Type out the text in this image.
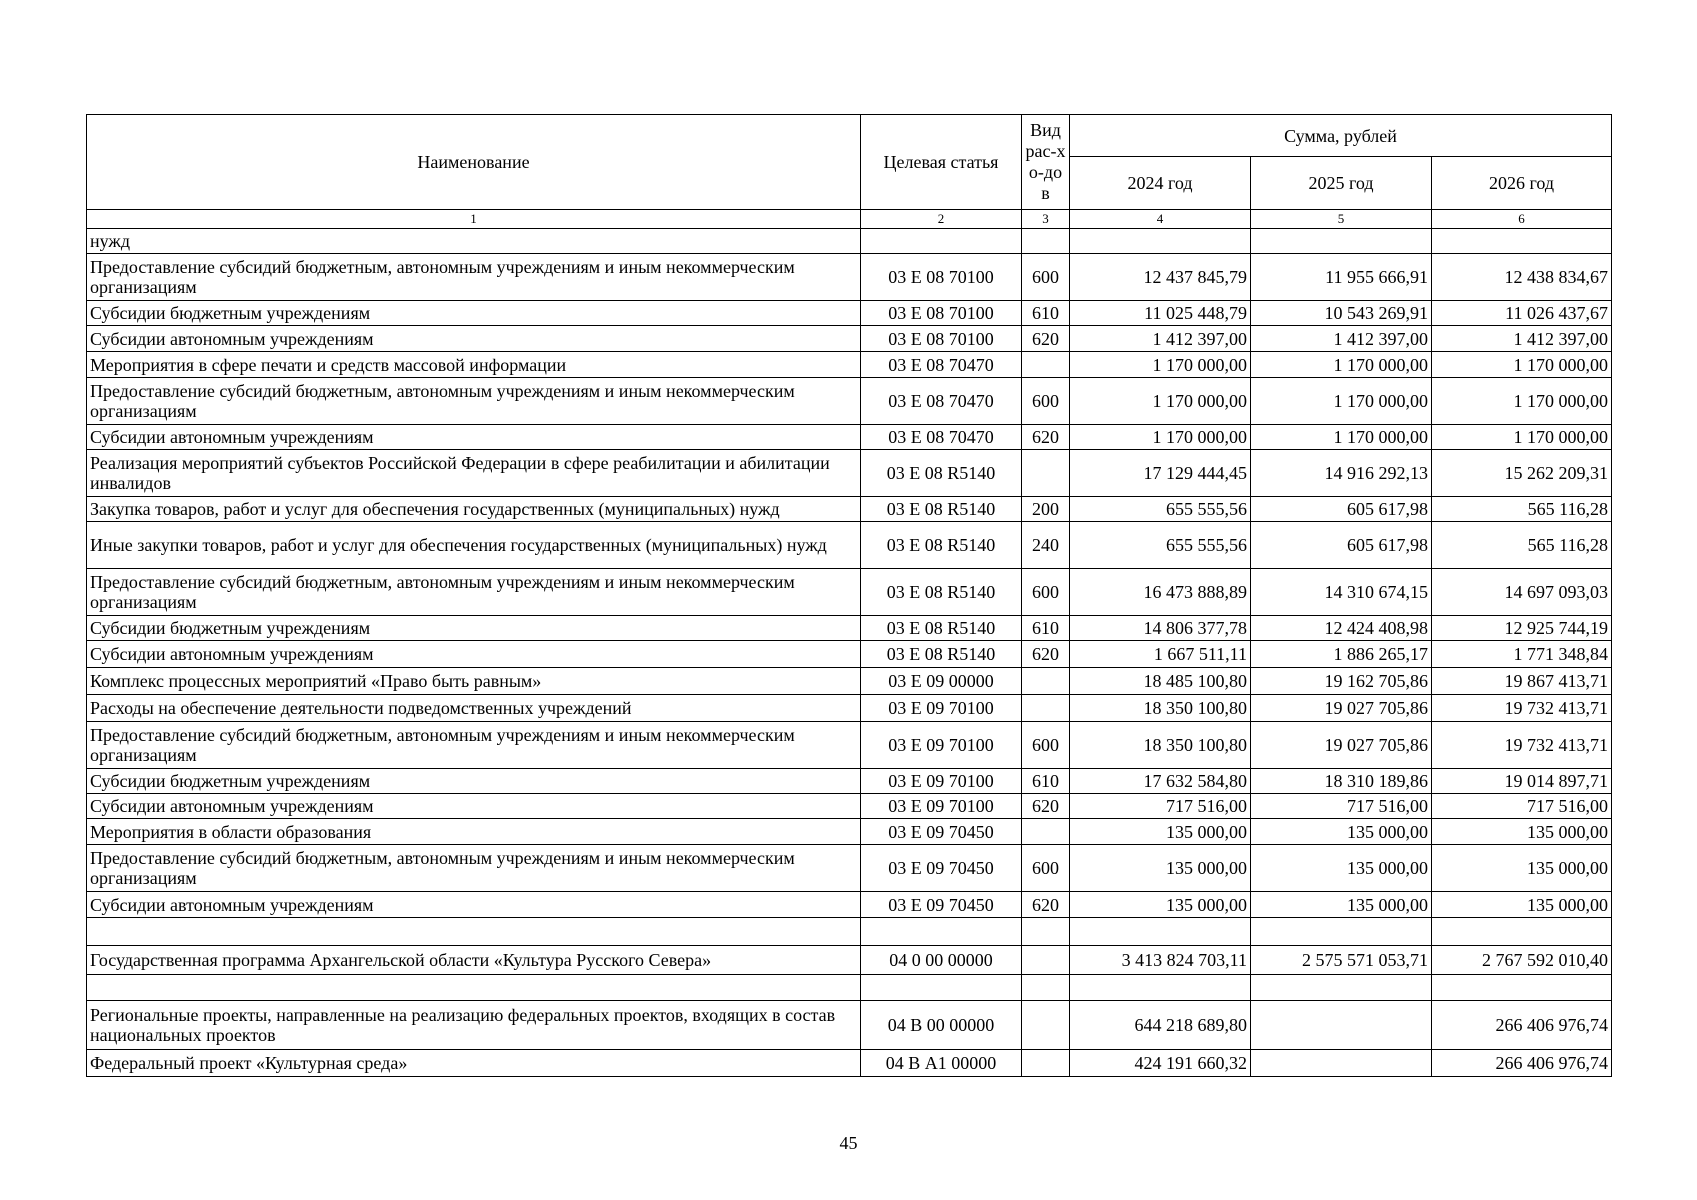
Наименование	Целевая статья	Вид рас-хо-дов	Сумма, рублей		
			2024 год	2025 год	2026 год
1	2	3	4	5	6
нужд					
Предоставление субсидий бюджетным, автономным учреждениям и иным некоммерческим организациям	03 Е 08 70100	600	12 437 845,79	11 955 666,91	12 438 834,67
Субсидии бюджетным учреждениям	03 Е 08 70100	610	11 025 448,79	10 543 269,91	11 026 437,67
Субсидии автономным учреждениям	03 Е 08 70100	620	1 412 397,00	1 412 397,00	1 412 397,00
Мероприятия в сфере печати и средств массовой информации	03 Е 08 70470		1 170 000,00	1 170 000,00	1 170 000,00
Предоставление субсидий бюджетным, автономным учреждениям и иным некоммерческим организациям	03 Е 08 70470	600	1 170 000,00	1 170 000,00	1 170 000,00
Субсидии автономным учреждениям	03 Е 08 70470	620	1 170 000,00	1 170 000,00	1 170 000,00
Реализация мероприятий субъектов Российской Федерации в сфере реабилитации и абилитации инвалидов	03 Е 08 R5140		17 129 444,45	14 916 292,13	15 262 209,31
Закупка товаров, работ и услуг для обеспечения государственных (муниципальных) нужд	03 Е 08 R5140	200	655 555,56	605 617,98	565 116,28
Иные закупки товаров, работ и услуг для обеспечения государственных (муниципальных) нужд	03 Е 08 R5140	240	655 555,56	605 617,98	565 116,28
Предоставление субсидий бюджетным, автономным учреждениям и иным некоммерческим организациям	03 Е 08 R5140	600	16 473 888,89	14 310 674,15	14 697 093,03
Субсидии бюджетным учреждениям	03 Е 08 R5140	610	14 806 377,78	12 424 408,98	12 925 744,19
Субсидии автономным учреждениям	03 Е 08 R5140	620	1 667 511,11	1 886 265,17	1 771 348,84
Комплекс процессных мероприятий «Право быть равным»	03 Е 09 00000		18 485 100,80	19 162 705,86	19 867 413,71
Расходы на обеспечение деятельности подведомственных учреждений	03 Е 09 70100		18 350 100,80	19 027 705,86	19 732 413,71
Предоставление субсидий бюджетным, автономным учреждениям и иным некоммерческим организациям	03 Е 09 70100	600	18 350 100,80	19 027 705,86	19 732 413,71
Субсидии бюджетным учреждениям	03 Е 09 70100	610	17 632 584,80	18 310 189,86	19 014 897,71
Субсидии автономным учреждениям	03 Е 09 70100	620	717 516,00	717 516,00	717 516,00
Мероприятия в области образования	03 Е 09 70450		135 000,00	135 000,00	135 000,00
Предоставление субсидий бюджетным, автономным учреждениям и иным некоммерческим организациям	03 Е 09 70450	600	135 000,00	135 000,00	135 000,00
Субсидии автономным учреждениям	03 Е 09 70450	620	135 000,00	135 000,00	135 000,00

Государственная программа Архангельской области «Культура Русского Севера»	04 0 00 00000		3 413 824 703,11	2 575 571 053,71	2 767 592 010,40

Региональные проекты, направленные на реализацию федеральных проектов, входящих в состав национальных проектов	04 В 00 00000		644 218 689,80		266 406 976,74
Федеральный проект «Культурная среда»	04 В А1 00000		424 191 660,32		266 406 976,74
45
